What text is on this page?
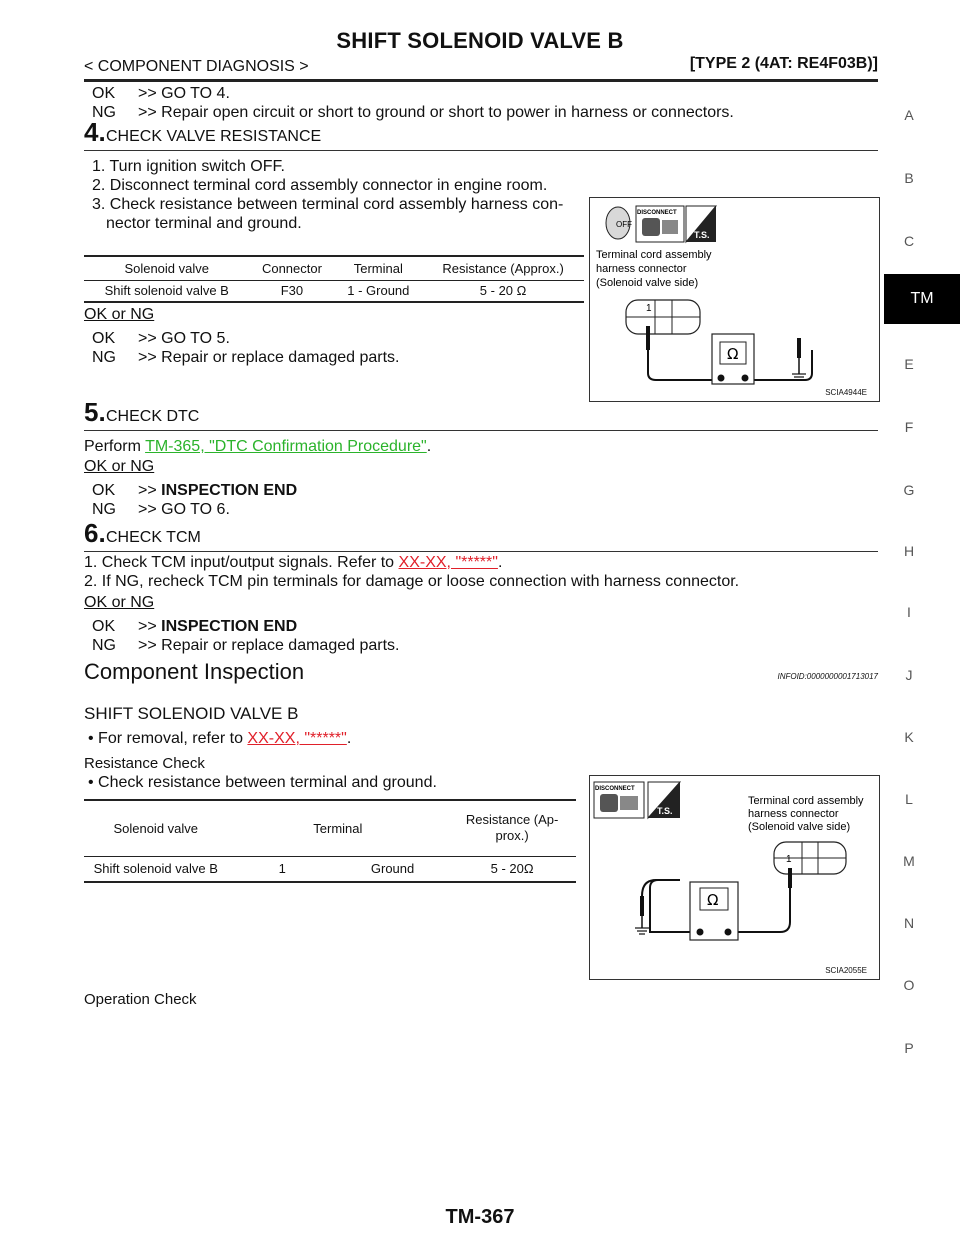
SHIFT SOLENOID VALVE B
< COMPONENT DIAGNOSIS >	[TYPE 2 (4AT: RE4F03B)]
OK >> GO TO 4.
NG >> Repair open circuit or short to ground or short to power in harness or connectors.
4. CHECK VALVE RESISTANCE
1. Turn ignition switch OFF.
2. Disconnect terminal cord assembly connector in engine room.
3. Check resistance between terminal cord assembly harness con-
nector terminal and ground.
Solenoid valve	Connector	Terminal	Resistance (Approx.)
Shift solenoid valve B	F30	1 - Ground	5 - 20 Ω
OK or NG
OK >> GO TO 5.
NG >> Repair or replace damaged parts.
OFF
DISCONNECT
T.S.
Terminal cord assembly
harness connector
(Solenoid valve side)
1
Ω
SCIA4944E
5. CHECK DTC
Perform TM-365, "DTC Confirmation Procedure".
OK or NG
OK >> INSPECTION END
NG >> GO TO 6.
6. CHECK TCM
1. Check TCM input/output signals. Refer to XX-XX, "*****".
2. If NG, recheck TCM pin terminals for damage or loose connection with harness connector.
OK or NG
OK >> INSPECTION END
NG >> Repair or replace damaged parts.
Component Inspection	INFOID:0000000001713017
SHIFT SOLENOID VALVE B
• For removal, refer to XX-XX, "*****".
Resistance Check
• Check resistance between terminal and ground.
Solenoid valve	Terminal		Resistance (Ap-
prox.)
Shift solenoid valve B	1	Ground	5 - 20Ω
DISCONNECT
T.S.
Terminal cord assembly
harness connector
(Solenoid valve side)
1
Ω
SCIA2055E
Operation Check
A
B
C
TM
E
F
G
H
I
J
K
L
M
N
O
P
TM-367
